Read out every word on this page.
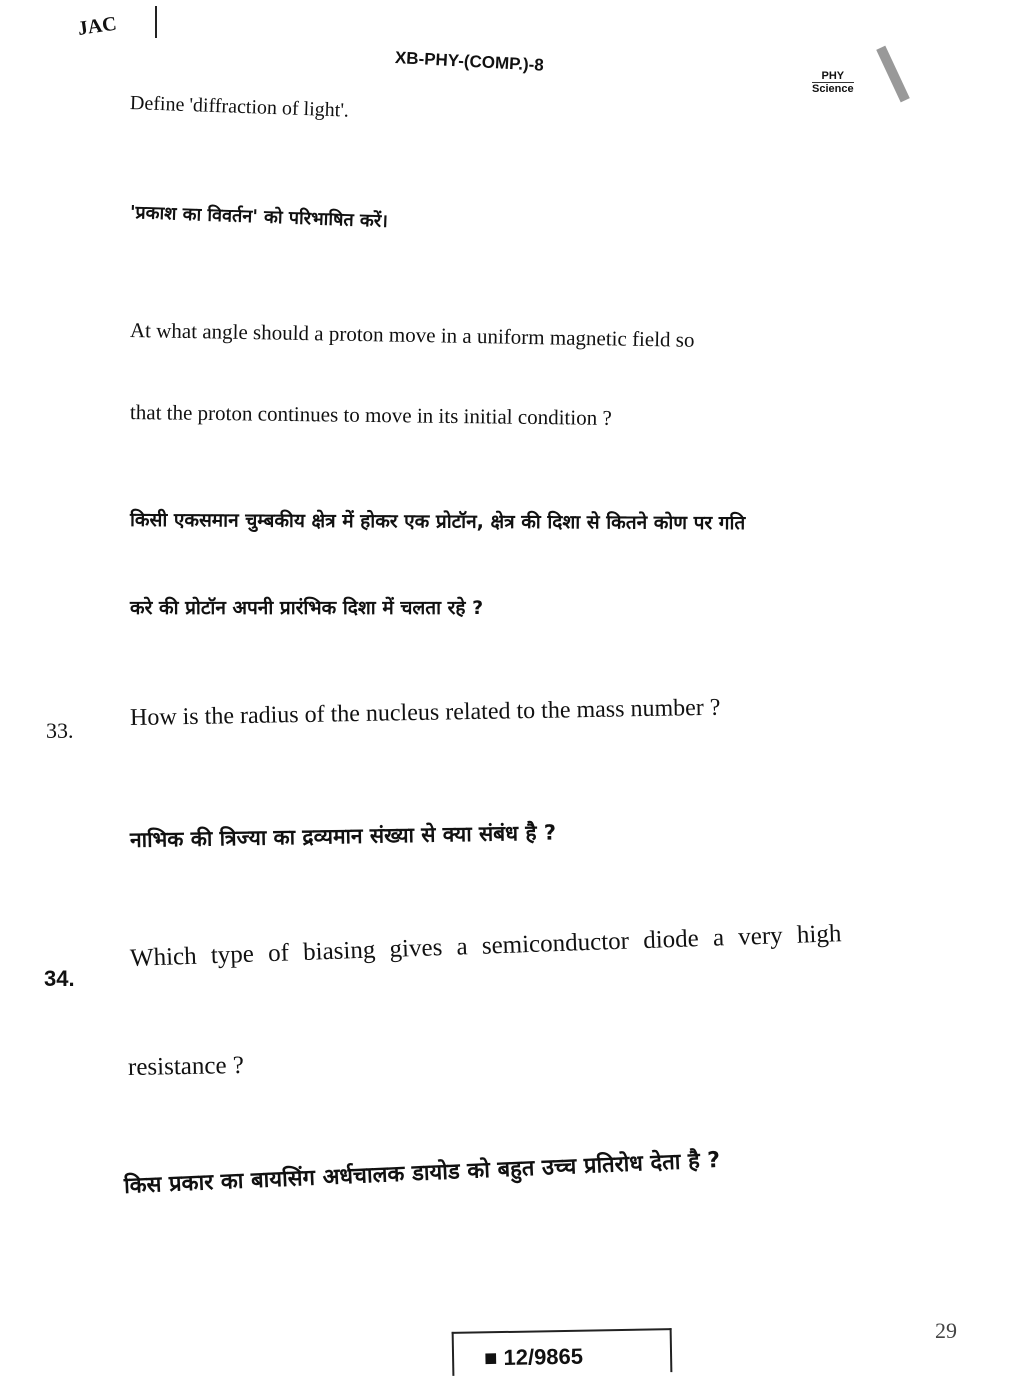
JAC
XB-PHY-(COMP.)-8
PHY
Science
Define 'diffraction of light'.
'प्रकाश का विवर्तन' को परिभाषित करें।
At what angle should a proton move in a uniform magnetic field so
that the proton continues to move in its initial condition ?
किसी एकसमान चुम्बकीय क्षेत्र में होकर एक प्रोटॉन, क्षेत्र की दिशा से कितने कोण पर गति
करे की प्रोटॉन अपनी प्रारंभिक दिशा में चलता रहे ?
33. How is the radius of the nucleus related to the mass number ?
नाभिक की त्रिज्या का द्रव्यमान संख्या से क्या संबंध है ?
34.
Which type of biasing gives a semiconductor diode a very high
resistance ?
किस प्रकार का बायसिंग अर्धचालक डायोड को बहुत उच्च प्रतिरोध देता है ?
29
■ 12/9865
